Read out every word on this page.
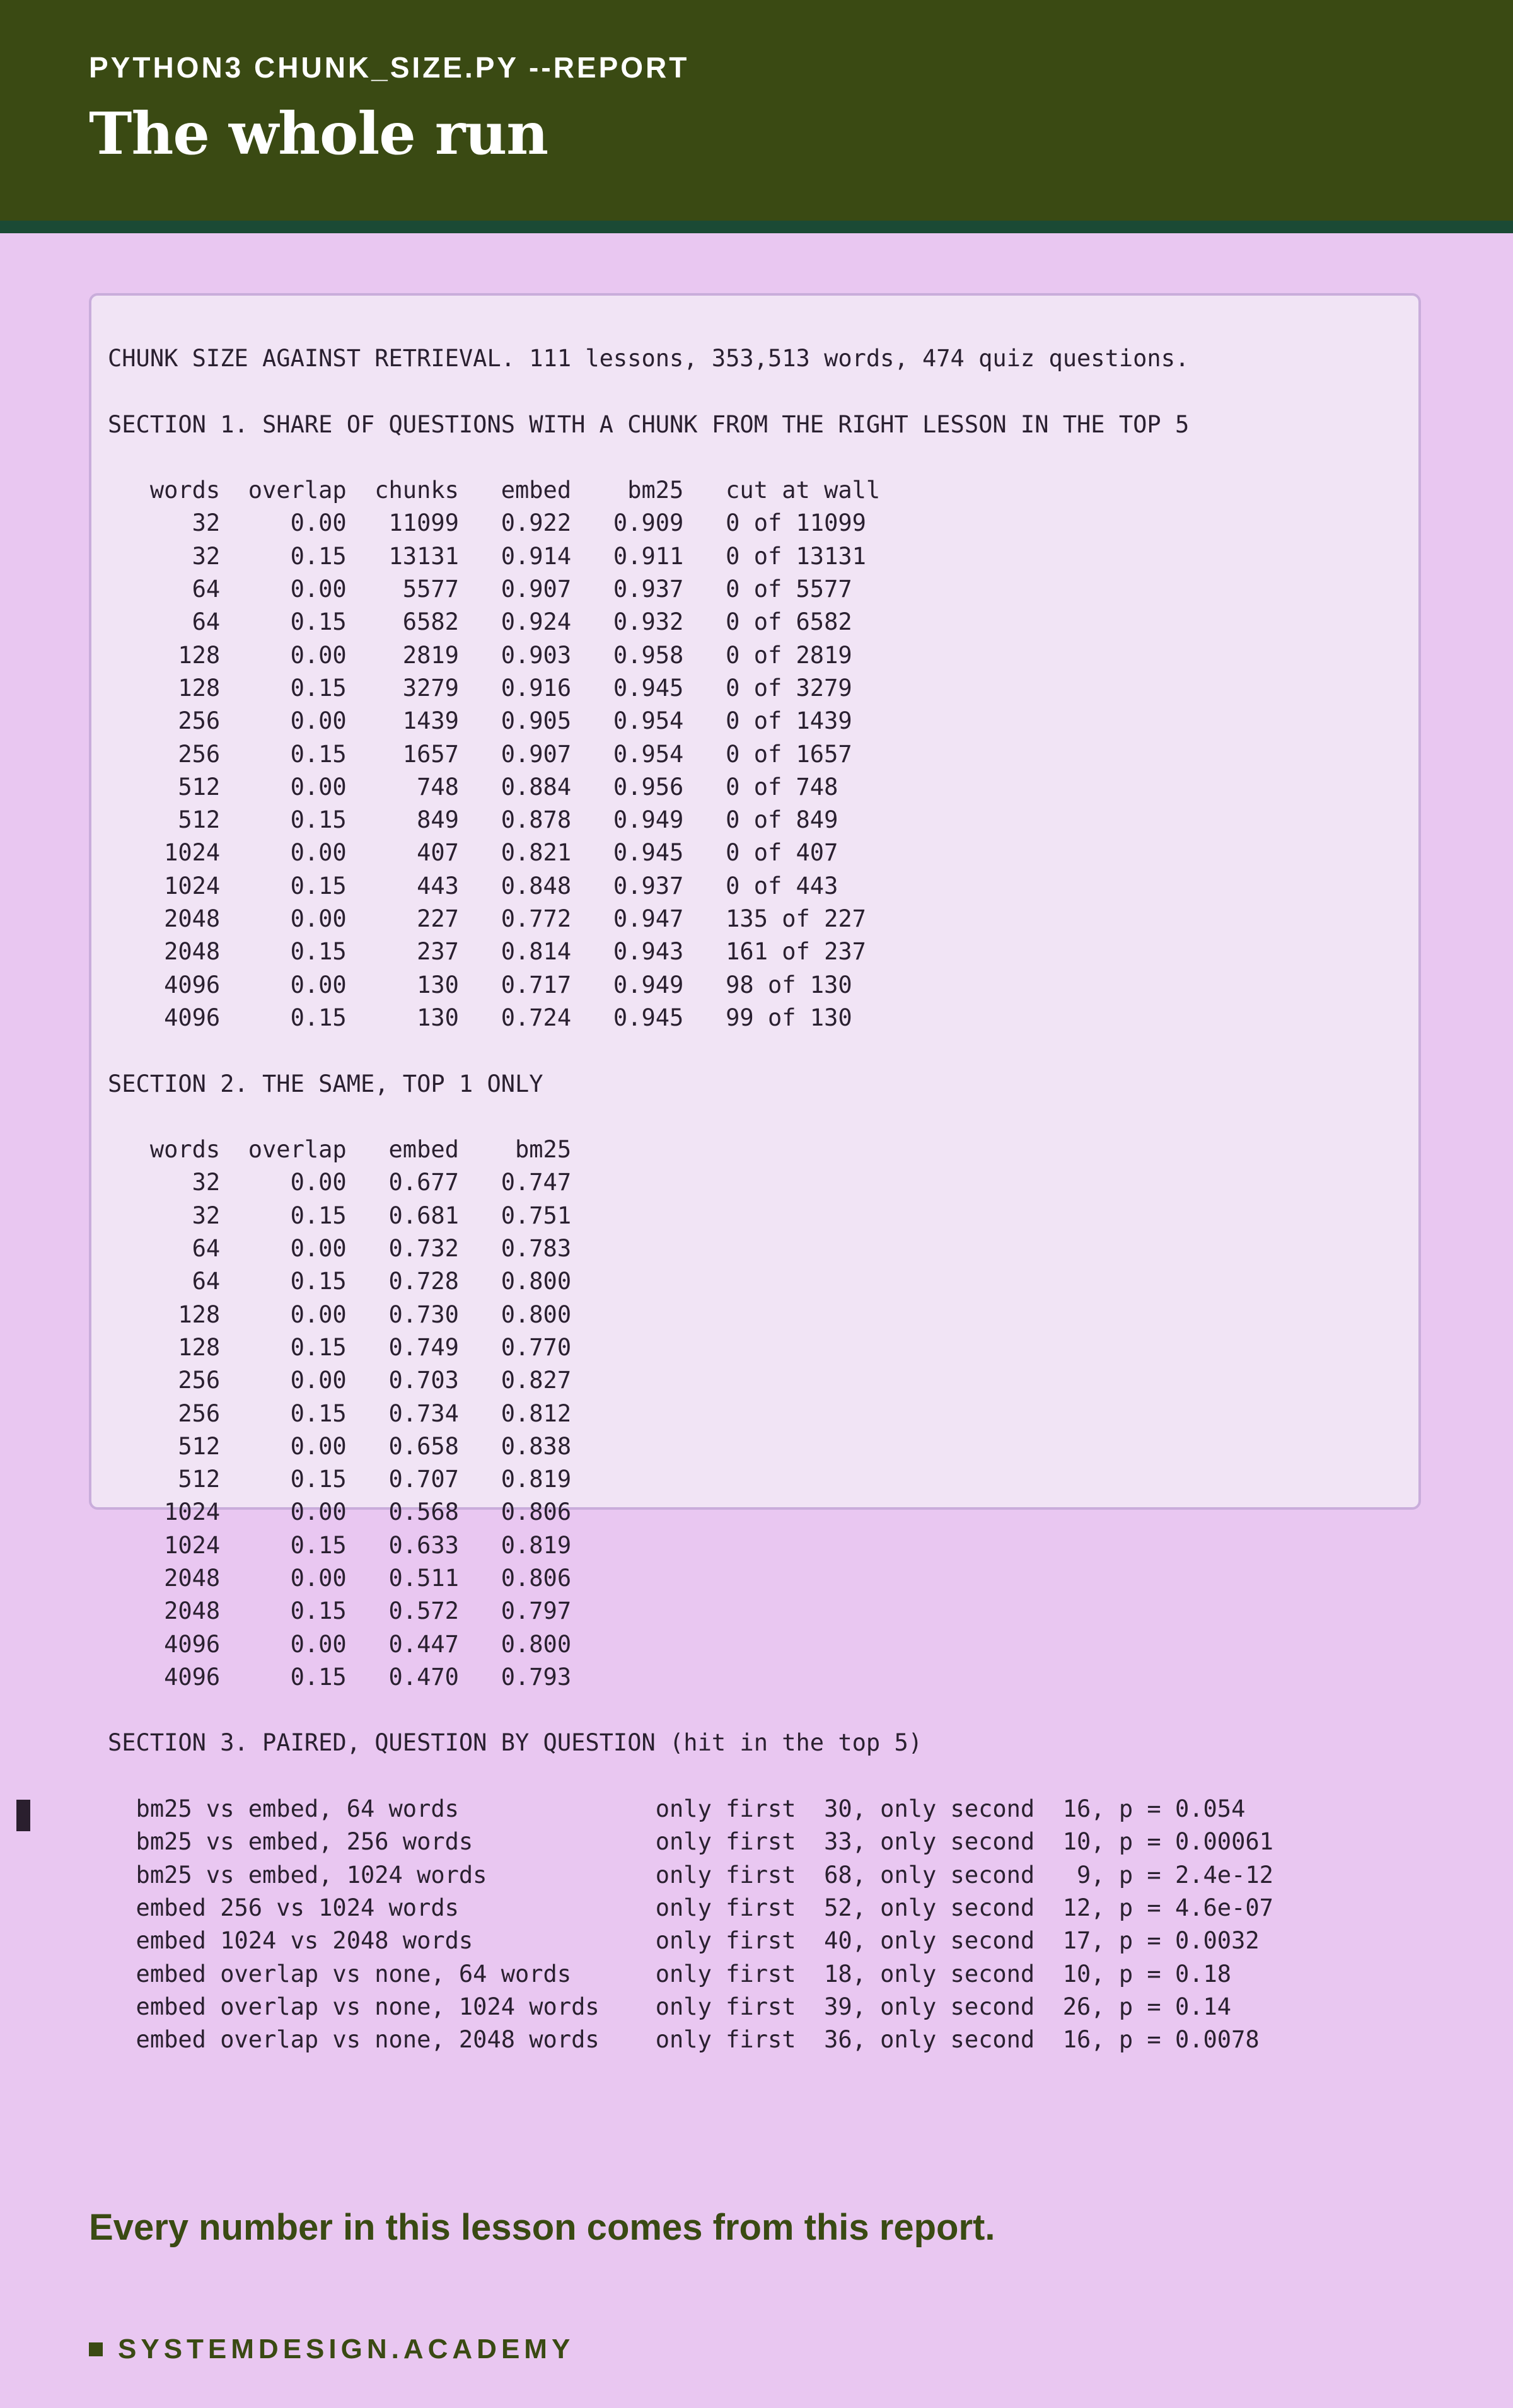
PYTHON3 CHUNK_SIZE.PY --REPORT
The whole run
CHUNK SIZE AGAINST RETRIEVAL. 111 lessons, 353,513 words, 474 quiz questions.
SECTION 1. SHARE OF QUESTIONS WITH A CHUNK FROM THE RIGHT LESSON IN THE TOP 5
words  overlap  chunks   embed    bm25   cut at wall
32     0.00   11099   0.922   0.909   0 of 11099
32     0.15   13131   0.914   0.911   0 of 13131
64     0.00    5577   0.907   0.937   0 of 5577
64     0.15    6582   0.924   0.932   0 of 6582
128     0.00    2819   0.903   0.958   0 of 2819
128     0.15    3279   0.916   0.945   0 of 3279
256     0.00    1439   0.905   0.954   0 of 1439
256     0.15    1657   0.907   0.954   0 of 1657
512     0.00     748   0.884   0.956   0 of 748
512     0.15     849   0.878   0.949   0 of 849
1024     0.00     407   0.821   0.945   0 of 407
1024     0.15     443   0.848   0.937   0 of 443
2048     0.00     227   0.772   0.947   135 of 227
2048     0.15     237   0.814   0.943   161 of 237
4096     0.00     130   0.717   0.949   98 of 130
4096     0.15     130   0.724   0.945   99 of 130
SECTION 2. THE SAME, TOP 1 ONLY
words  overlap   embed    bm25
32     0.00   0.677   0.747
32     0.15   0.681   0.751
64     0.00   0.732   0.783
64     0.15   0.728   0.800
128     0.00   0.730   0.800
128     0.15   0.749   0.770
256     0.00   0.703   0.827
256     0.15   0.734   0.812
512     0.00   0.658   0.838
512     0.15   0.707   0.819
1024     0.00   0.568   0.806
1024     0.15   0.633   0.819
2048     0.00   0.511   0.806
2048     0.15   0.572   0.797
4096     0.00   0.447   0.800
4096     0.15   0.470   0.793
SECTION 3. PAIRED, QUESTION BY QUESTION (hit in the top 5)
bm25 vs embed, 64 words              only first  30, only second  16, p = 0.054
bm25 vs embed, 256 words             only first  33, only second  10, p = 0.00061
bm25 vs embed, 1024 words            only first  68, only second   9, p = 2.4e-12
embed 256 vs 1024 words              only first  52, only second  12, p = 4.6e-07
embed 1024 vs 2048 words             only first  40, only second  17, p = 0.0032
embed overlap vs none, 64 words      only first  18, only second  10, p = 0.18
embed overlap vs none, 1024 words    only first  39, only second  26, p = 0.14
embed overlap vs none, 2048 words    only first  36, only second  16, p = 0.0078
Every number in this lesson comes from this report.
SYSTEMDESIGN.ACADEMY
